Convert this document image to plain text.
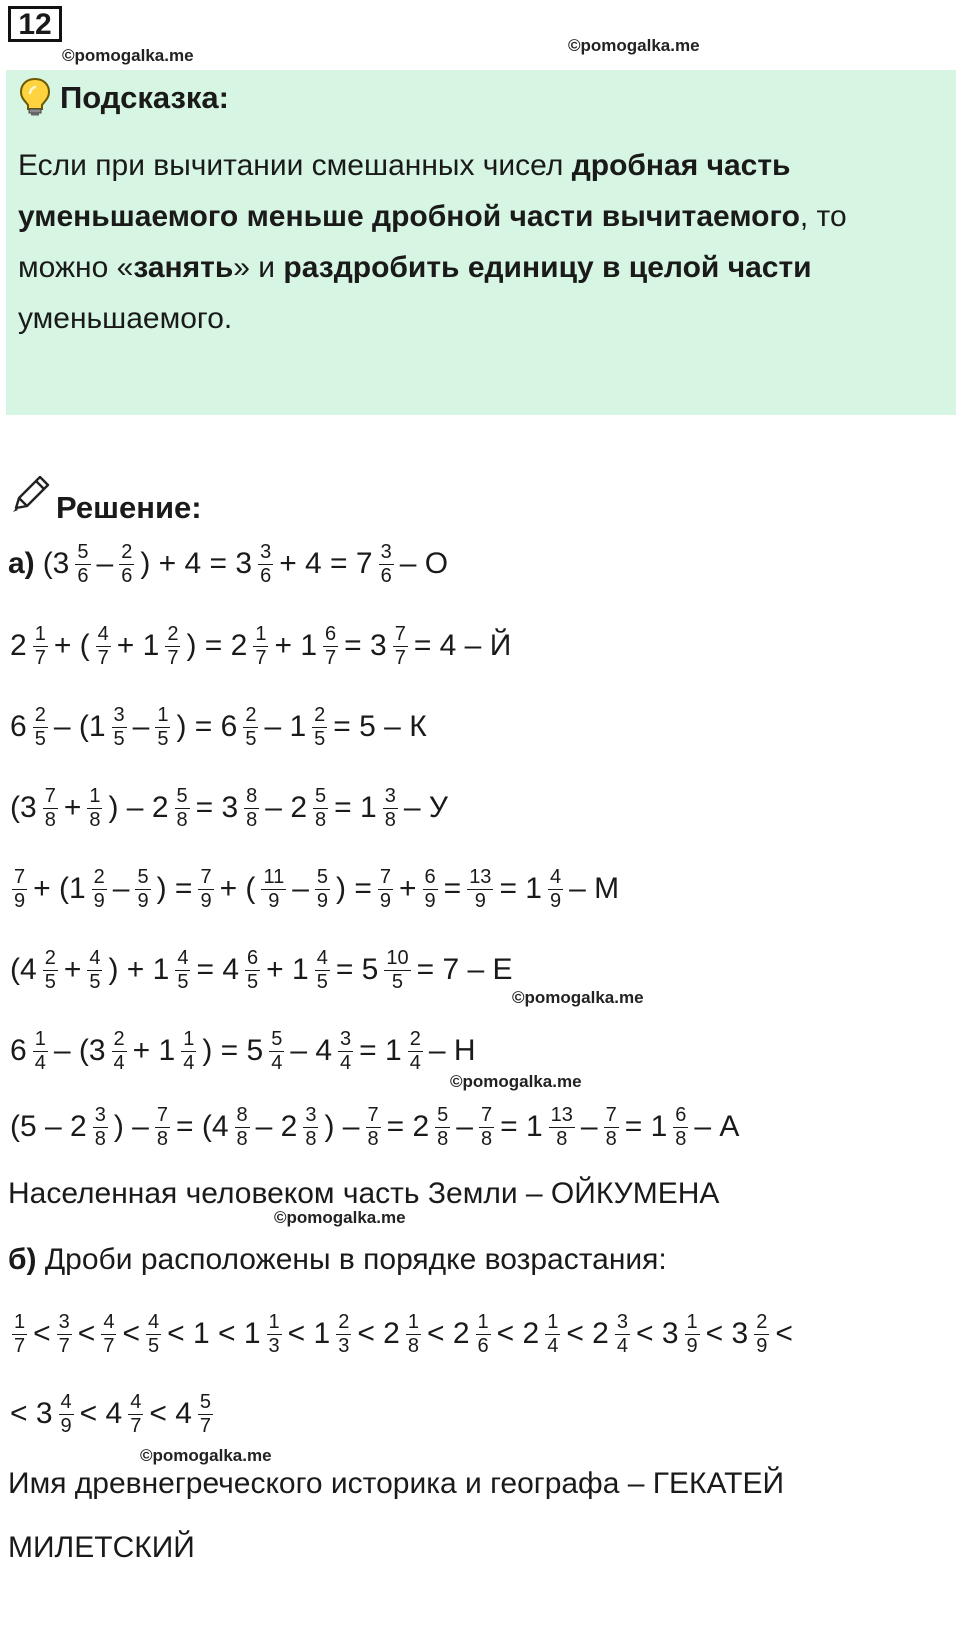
12
©pomogalka.me
©pomogalka.me
Подсказка:
Если при вычитании смешанных чисел дробная часть уменьшаемого меньше дробной части вычитаемого, то можно «занять» и раздробить единицу в целой части уменьшаемого.
Решение:
а) ($3 \frac{5}{6} - \frac{2}{6}$ ) + $4 = 3 \frac{3}{6} + 4 = 7 \frac{3}{6} - О$
$2 \frac{1}{7}$ + ( $\frac{4}{7} + 1 \frac{2}{7}$ ) = $2 \frac{1}{7} + 1 \frac{6}{7} = 3 \frac{7}{7} = 4 - Й$
$6 \frac{2}{5} - (1 \frac{3}{5} - \frac{1}{5}$ ) = $6 \frac{2}{5} - 1 \frac{2}{5} = 5 - К$
($3 \frac{7}{8} + \frac{1}{8}$ ) – $2 \frac{5}{8} = 3 \frac{8}{8} - 2 \frac{5}{8} = 1 \frac{3}{8} - У$
$\frac{7}{9} + (1 \frac{2}{9} - \frac{5}{9}$ ) = $\frac{7}{9}$ + ( $\frac{11}{9} - \frac{5}{9}$ ) = $\frac{7}{9} + \frac{6}{9} = \frac{13}{9} = 1 \frac{4}{9} - М$
($4 \frac{2}{5} + \frac{4}{5}$ ) + $1 \frac{4}{5} = 4 \frac{6}{5} + 1 \frac{4}{5} = 5 \frac{10}{5} = 7 - Е$
$6 \frac{1}{4} - (3 \frac{2}{4} + 1 \frac{1}{4}$ ) = $5 \frac{5}{4} - 4 \frac{3}{4} = 1 \frac{2}{4} - Н$
($5 - 2 \frac{3}{8}$ ) – $\frac{7}{8} = (4 \frac{8}{8} - 2 \frac{3}{8}$ ) – $\frac{7}{8} = 2 \frac{5}{8} - \frac{7}{8} = 1 \frac{13}{8} - \frac{7}{8} = 1 \frac{6}{8} - А$
©pomogalka.me
©pomogalka.me
Населенная человеком часть Земли – ОЙКУМЕНА
©pomogalka.me
б) Дроби расположены в порядке возрастания:
$\frac{1}{7} < \frac{3}{7} < \frac{4}{7} < \frac{4}{5} < 1 < 1 \frac{1}{3} < 1 \frac{2}{3} < 2 \frac{1}{8} < 2 \frac{1}{6} < 2 \frac{1}{4} < 2 \frac{3}{4} < 3 \frac{1}{9} < 3 \frac{2}{9}$ <
< $3 \frac{4}{9} < 4 \frac{4}{7} < 4 \frac{5}{7}$
©pomogalka.me
Имя древнегреческого историка и географа – ГЕКАТЕЙ
МИЛЕТСКИЙ
